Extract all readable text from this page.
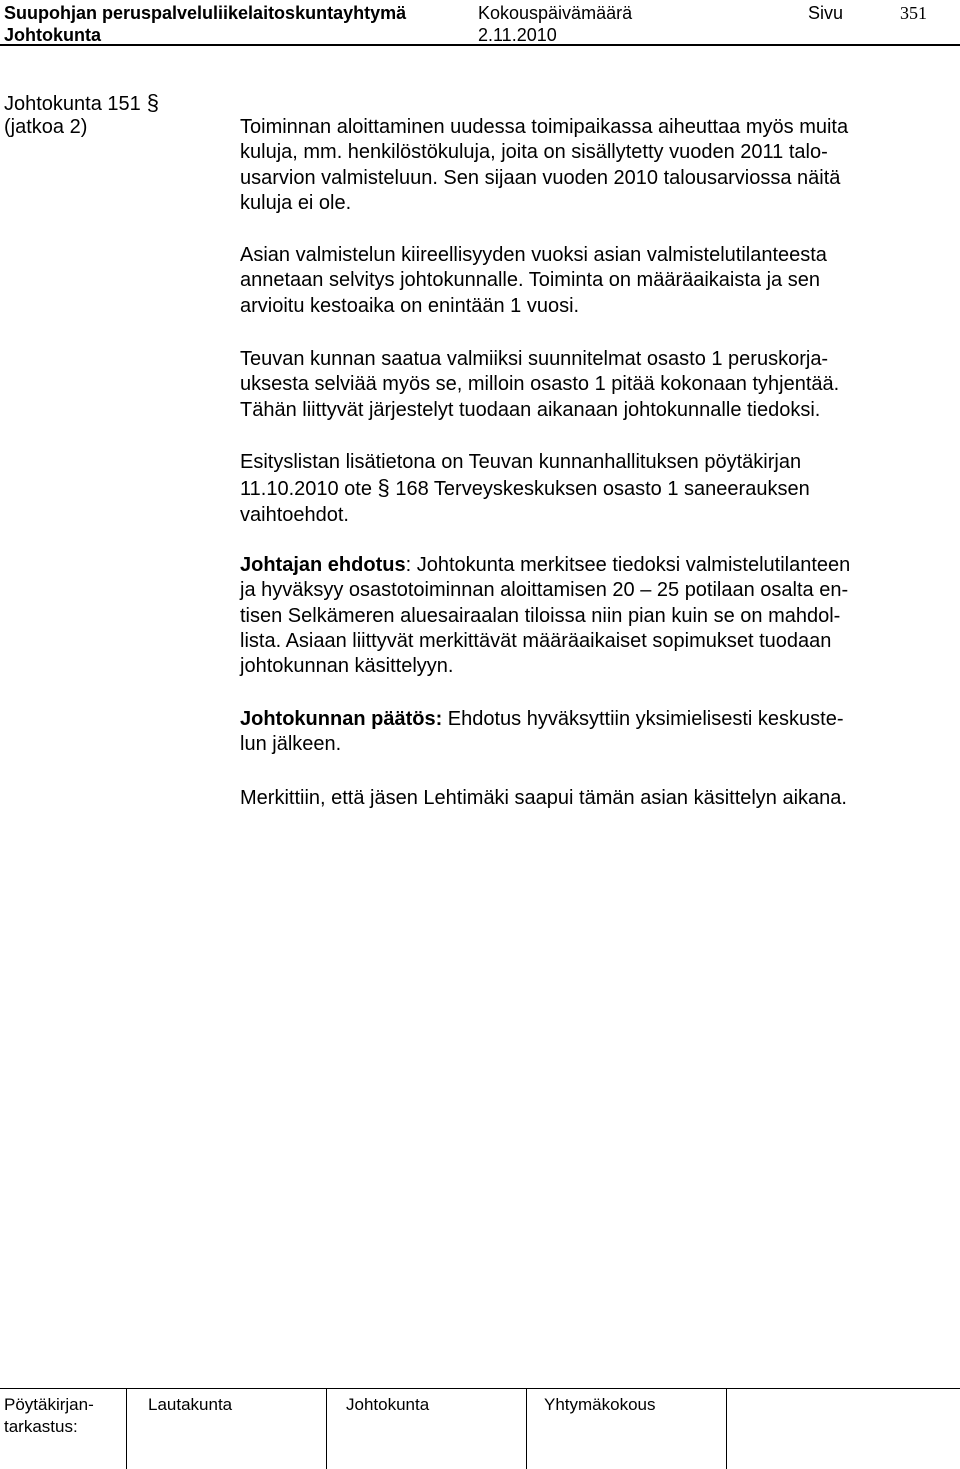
Suupohjan peruspalveluliikelaitoskuntayhtymä
Johtokunta
Kokouspäivämäärä
2.11.2010
Sivu	351
Johtokunta 151 §
(jatkoa 2)	Toiminnan aloittaminen uudessa toimipaikassa aiheuttaa myös muita

kuluja, mm. henkilöstökuluja, joita on sisällytetty vuoden 2011 talo-

usarvion valmisteluun. Sen sijaan vuoden 2010 talousarviossa näitä

kuluja ei ole.

Asian valmistelun kiireellisyyden vuoksi asian valmistelutilanteesta

annetaan selvitys johtokunnalle. Toiminta on määräaikaista ja sen

arvioitu kestoaika on enintään 1 vuosi.

Teuvan kunnan saatua valmiiksi suunnitelmat osasto 1 peruskorja-

uksesta selviää myös se, milloin osasto 1 pitää kokonaan tyhjentää.

Tähän liittyvät järjestelyt tuodaan aikanaan johtokunnalle tiedoksi.

Esityslistan lisätietona on Teuvan kunnanhallituksen pöytäkirjan

11.10.2010 ote § 168 Terveyskeskuksen osasto 1 saneerauksen

vaihtoehdot.

Johtajan ehdotus: Johtokunta merkitsee tiedoksi valmistelutilanteen

ja hyväksyy osastotoiminnan aloittamisen 20 – 25 potilaan osalta en-

tisen Selkämeren aluesairaalan tiloissa niin pian kuin se on mahdol-

lista. Asiaan liittyvät merkittävät määräaikaiset sopimukset tuodaan

johtokunnan käsittelyyn.

Johtokunnan päätös: Ehdotus hyväksyttiin yksimielisesti keskuste-

lun jälkeen.

Merkittiin, että jäsen Lehtimäki saapui tämän asian käsittelyn aikana.

Pöytäkirjan-
tarkastus:
Lautakunta	Johtokunta	Yhtymäkokous
